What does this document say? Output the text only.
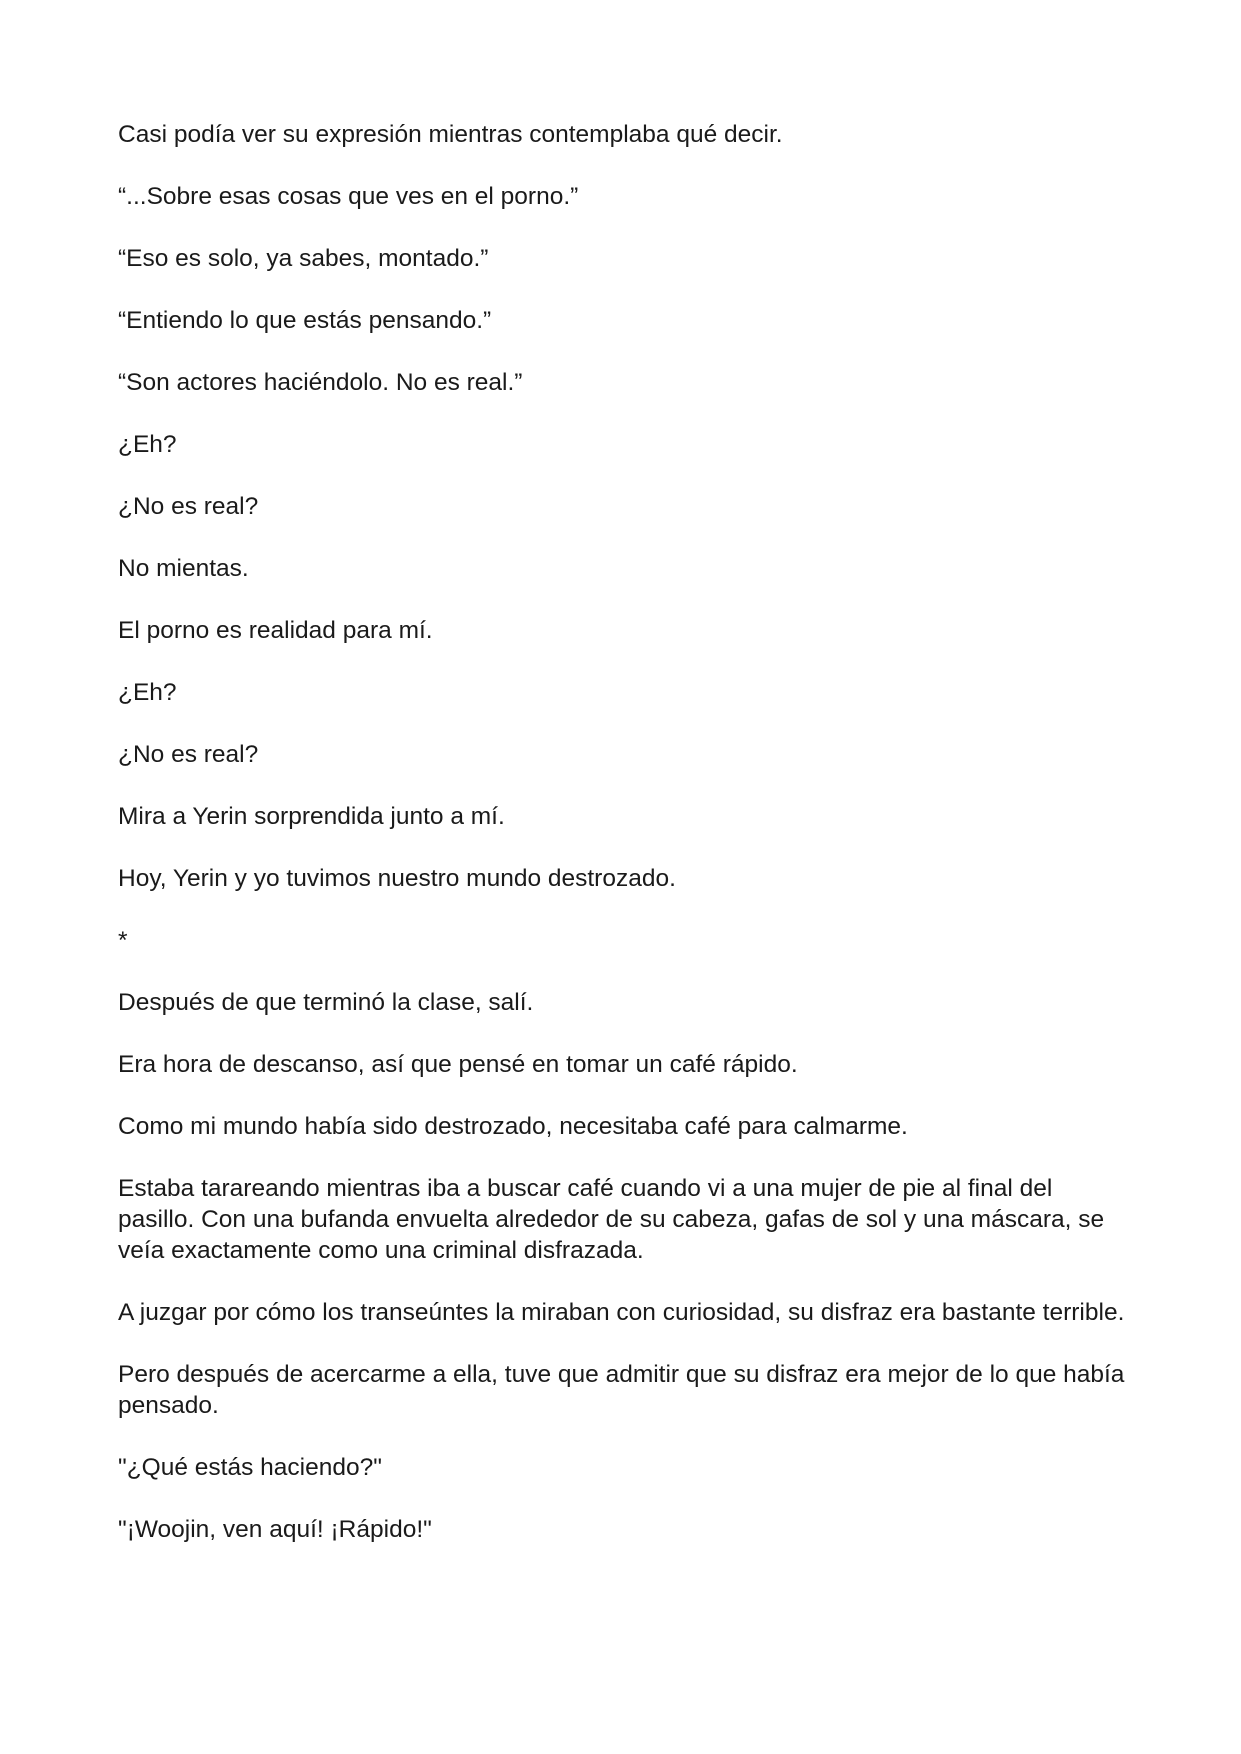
Casi podía ver su expresión mientras contemplaba qué decir.

“...Sobre esas cosas que ves en el porno.”

“Eso es solo, ya sabes, montado.”

“Entiendo lo que estás pensando.”

“Son actores haciéndolo. No es real.”

¿Eh?

¿No es real?

No mientas.

El porno es realidad para mí.

¿Eh?

¿No es real?

Mira a Yerin sorprendida junto a mí.

Hoy, Yerin y yo tuvimos nuestro mundo destrozado.

*

Después de que terminó la clase, salí.

Era hora de descanso, así que pensé en tomar un café rápido.

Como mi mundo había sido destrozado, necesitaba café para calmarme.

Estaba tarareando mientras iba a buscar café cuando vi a una mujer de pie al final del pasillo. Con una bufanda envuelta alrededor de su cabeza, gafas de sol y una máscara, se veía exactamente como una criminal disfrazada.

A juzgar por cómo los transeúntes la miraban con curiosidad, su disfraz era bastante terrible.

Pero después de acercarme a ella, tuve que admitir que su disfraz era mejor de lo que había pensado.

"¿Qué estás haciendo?"

"¡Woojin, ven aquí! ¡Rápido!"
